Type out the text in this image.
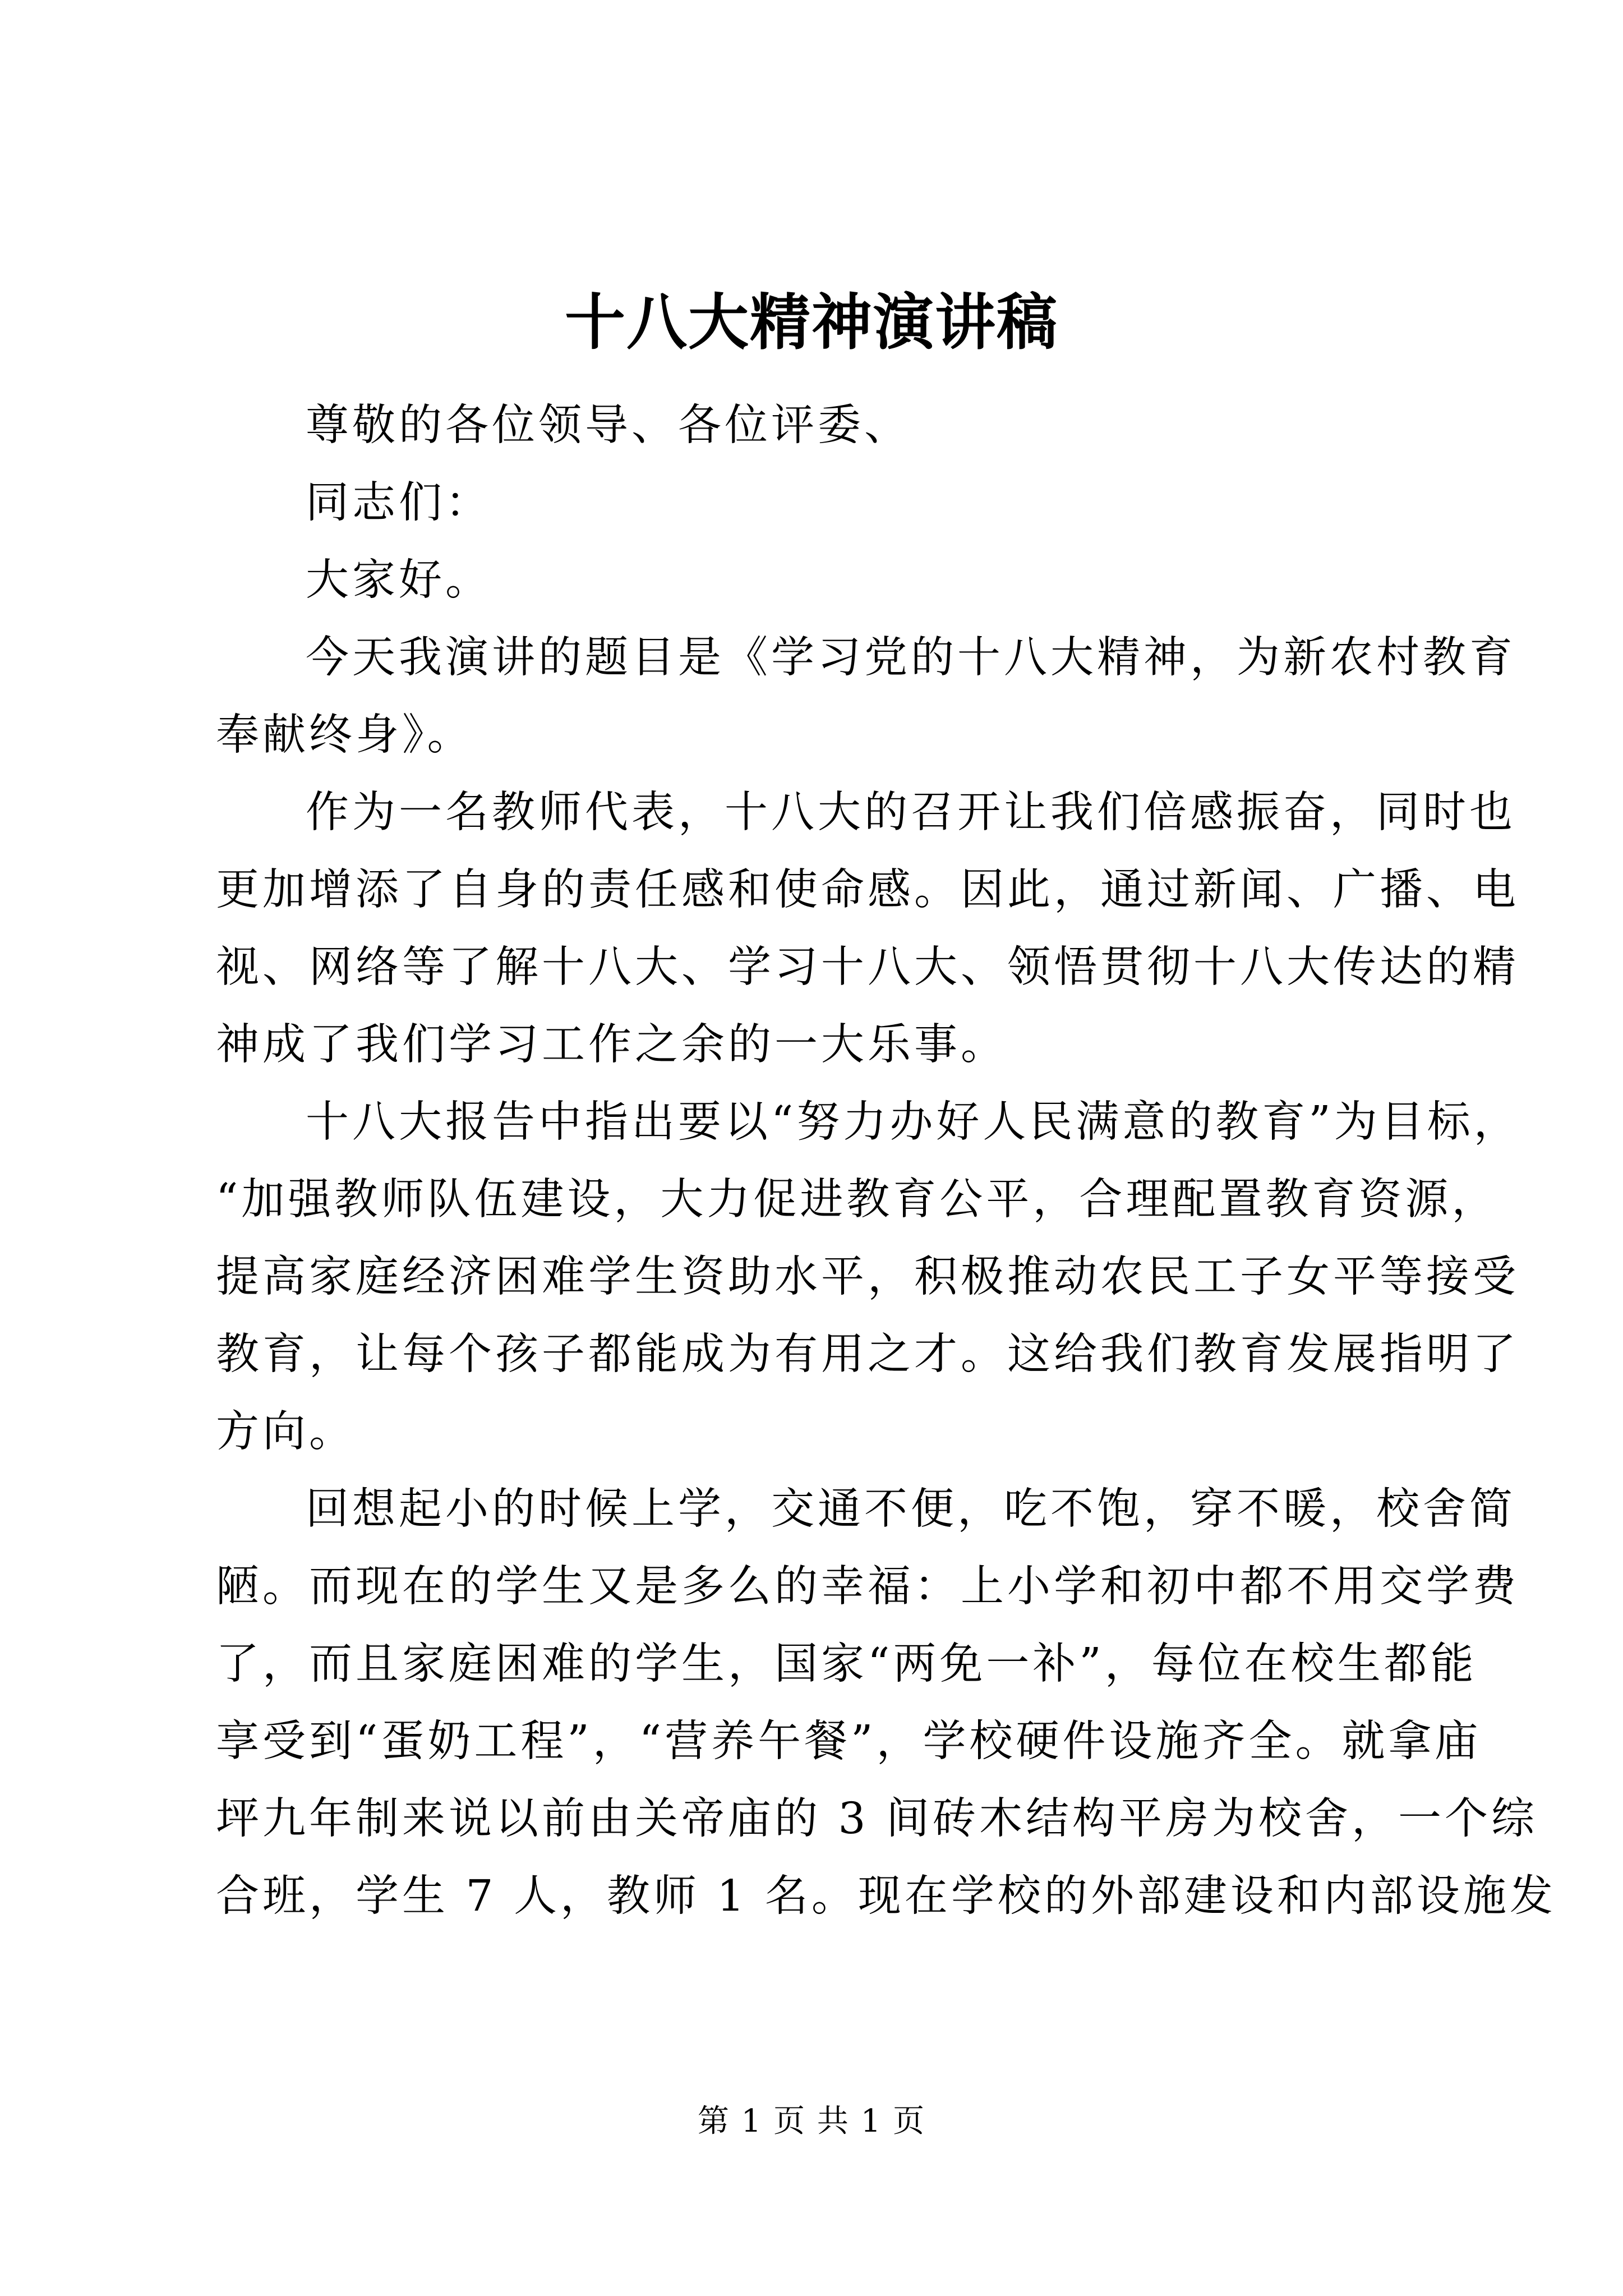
十八大精神演讲稿
尊敬的各位领导、各位评委、
同志们：
大家好。
今天我演讲的题目是《学习党的十八大精神，为新农村教育
奉献终身》。
作为一名教师代表，十八大的召开让我们倍感振奋，同时也
更加增添了自身的责任感和使命感。因此，通过新闻、广播、电
视、网络等了解十八大、学习十八大、领悟贯彻十八大传达的精
神成了我们学习工作之余的一大乐事。
十八大报告中指出要以“努力办好人民满意的教育”为目标，
“加强教师队伍建设，大力促进教育公平，合理配置教育资源，
提高家庭经济困难学生资助水平，积极推动农民工子女平等接受
教育，让每个孩子都能成为有用之才。这给我们教育发展指明了
方向。
回想起小的时候上学，交通不便，吃不饱，穿不暖，校舍简
陋。而现在的学生又是多么的幸福：上小学和初中都不用交学费
了，而且家庭困难的学生，国家“两免一补”，每位在校生都能
享受到“蛋奶工程”，“营养午餐”，学校硬件设施齐全。就拿庙
坪九年制来说以前由关帝庙的 3 间砖木结构平房为校舍，一个综
合班，学生 7 人，教师 1 名。现在学校的外部建设和内部设施发
第 1 页 共 1 页
